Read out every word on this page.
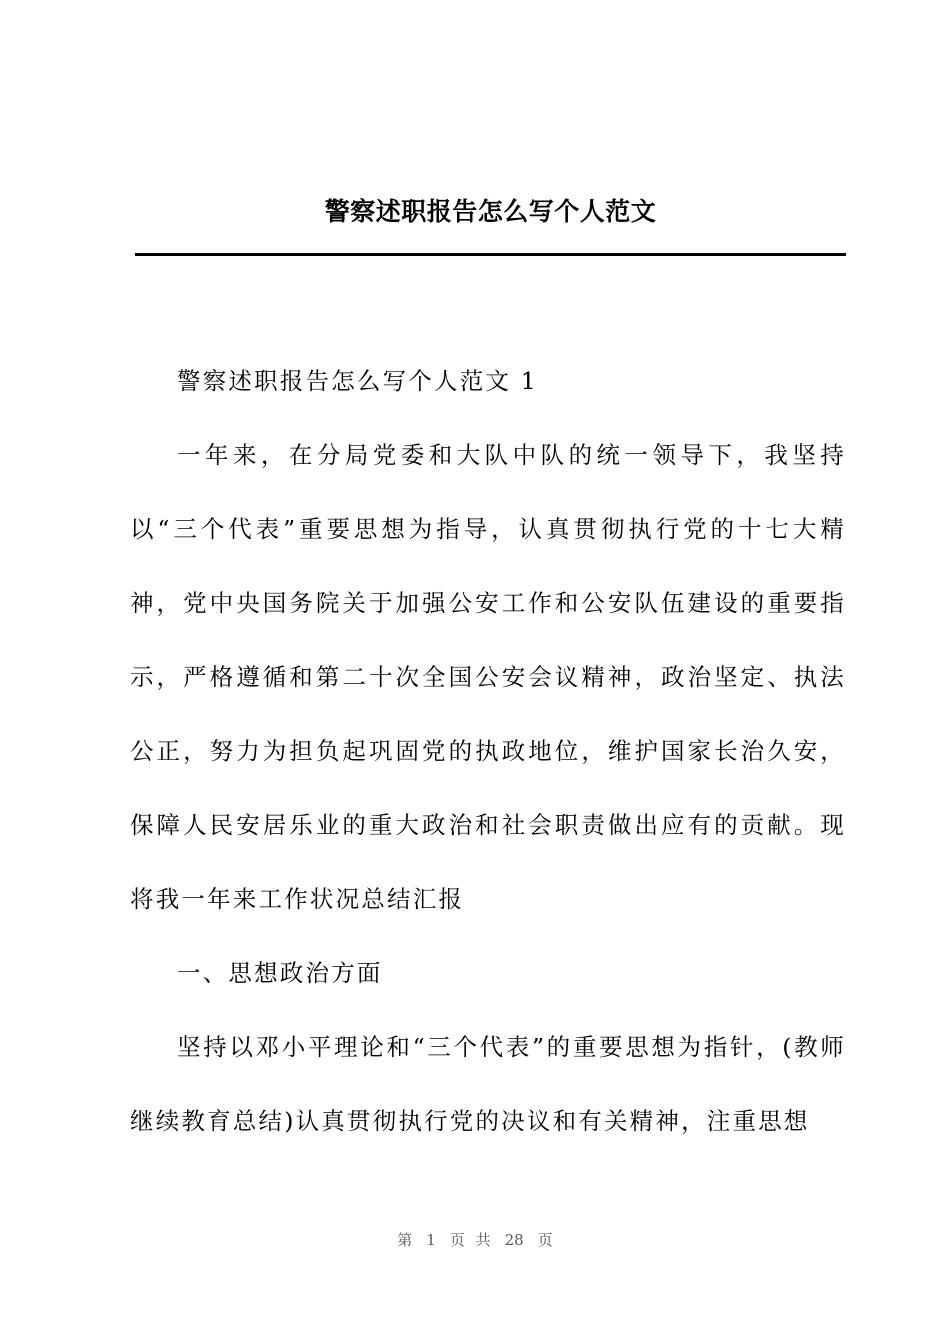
警察述职报告怎么写个人范文

警察述职报告怎么写个人范文 1

一年来，在分局党委和大队中队的统一领导下，我坚持以“三个代表”重要思想为指导，认真贯彻执行党的十七大精神，党中央国务院关于加强公安工作和公安队伍建设的重要指示，严格遵循和第二十次全国公安会议精神，政治坚定、执法公正，努力为担负起巩固党的执政地位，维护国家长治久安，保障人民安居乐业的重大政治和社会职责做出应有的贡献。现将我一年来工作状况总结汇报

一、思想政治方面

坚持以邓小平理论和“三个代表”的重要思想为指针，(教师继续教育总结)认真贯彻执行党的决议和有关精神，注重思想

第 1 页 共 28 页
